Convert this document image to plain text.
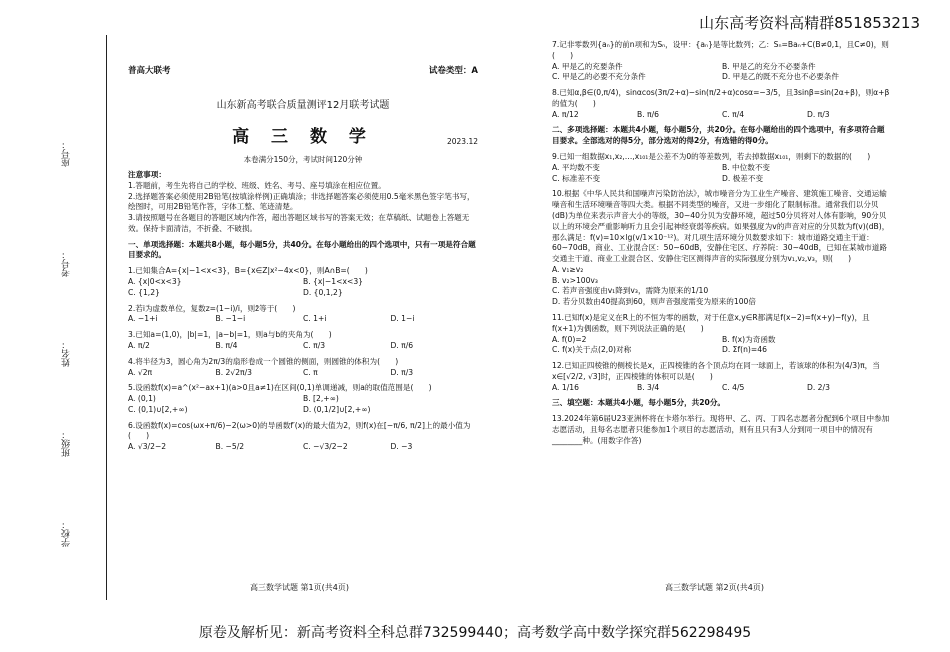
山东高考资料高精群851853213
学校：
班级：
姓名：
考号：
座号：
普高大联考	试卷类型：A
山东新高考联合质量测评12月联考试题
高 三 数 学	2023.12
本卷满分150分，考试时间120分钟
注意事项：
1.答题前，考生先将自己的学校、班级、姓名、考号、座号填涂在相应位置。
2.选择题答案必须使用2B铅笔(按填涂样例)正确填涂；非选择题答案必须使用0.5毫米黑色签字笔书写，绘图时，可用2B铅笔作答，字体工整、笔迹清楚。
3.请按照题号在各题目的答题区域内作答，超出答题区域书写的答案无效；在草稿纸、试题卷上答题无效。保持卡面清洁，不折叠、不破损。
一、单项选择题：本题共8小题，每小题5分，共40分。在每小题给出的四个选项中，只有一项是符合题目要求的。
1.已知集合A={x|−1<x<3}，B={x∈Z|x²−4x<0}，则A∩B=(　　)
A. {x|0<x<3}	B. {x|−1<x<3}
C. {1,2}	D. {0,1,2}
2.若i为虚数单位，复数z=(1−i)/i，则z̄等于(　　)
A. −1+i	B. −1−i	C. 1+i	D. 1−i
3.已知a=(1,0)，|b|=1，|a−b|=1，则a与b的夹角为(　　)
A. π/2	B. π/4	C. π/3	D. π/6
4.将半径为3，圆心角为2π/3的扇形卷成一个圆锥的侧面，则圆锥的体积为(　　)
A. √2π	B. 2√2π/3	C. π	D. π/3
5.设函数f(x)=a^(x²−ax+1)(a>0且a≠1)在区间(0,1)单调递减，则a的取值范围是(　　)
A. (0,1)	B. [2,+∞)
C. (0,1)∪[2,+∞)	D. (0,1/2]∪[2,+∞)
6.设函数f(x)=cos(ωx+π/6)−2(ω>0)的导函数f′(x)的最大值为2，则f(x)在[−π/6, π/2]上的最小值为(　　)
A. √3/2−2	B. −5/2	C. −√3/2−2	D. −3
高三数学试题 第1页(共4页)
7.记非零数列{aₙ}的前n项和为Sₙ，设甲：{aₙ}是等比数列；乙：Sₙ=Baₙ+C(B≠0,1，且C≠0)，则(　　)
A. 甲是乙的充要条件	B. 甲是乙的充分不必要条件
C. 甲是乙的必要不充分条件	D. 甲是乙的既不充分也不必要条件
8.已知α,β∈(0,π/4)，sinαcos(3π/2+α)−sin(π/2+α)cosα=−3/5，且3sinβ=sin(2α+β)，则α+β的值为(　　)
A. π/12	B. π/6	C. π/4	D. π/3
二、多项选择题：本题共4小题，每小题5分，共20分。在每小题给出的四个选项中，有多项符合题目要求。全部选对的得5分，部分选对的得2分，有选错的得0分。
9.已知一组数据x₁,x₂,…,x₁₀₁是公差不为0的等差数列，若去掉数据x₁₀₁，则剩下的数据的(　　)
A. 平均数不变	B. 中位数不变
C. 标准差不变	D. 极差不变
10.根据《中华人民共和国噪声污染防治法》，城市噪音分为工业生产噪音、建筑施工噪音、交通运输噪音和生活环境噪音等四大类。根据不同类型的噪音，又进一步细化了限制标准。通常我们以分贝(dB)为单位来表示声音大小的等级，30~40分贝为安静环境，超过50分贝将对人体有影响，90分贝以上的环境会严重影响听力且会引起神经衰弱等疾病。如果强度为v的声音对应的分贝数为f(v)(dB)，那么满足：f(v)=10×lg(v/1×10⁻¹²)。对几项生活环境分贝数要求如下：城市道路交通主干道：60~70dB，商业、工业混合区：50~60dB，安静住宅区、疗养院：30~40dB，已知在某城市道路交通主干道、商业工业混合区、安静住宅区测得声音的实际强度分别为v₁,v₂,v₃，则(　　)
A. v₁≥v₂
B. v₂>100v₃
C. 若声音强度由v₁降到v₃，需降为原来的1/10
D. 若分贝数由40提高到60，则声音强度需变为原来的100倍
11.已知f(x)是定义在R上的不恒为零的函数，对于任意x,y∈R都满足f(x−2)=f(x+y)−f(y)，且f(x+1)为偶函数，则下列说法正确的是(　　)
A. f(0)=2	B. f(x)为奇函数
C. f(x)关于点(2,0)对称	D. Σf(n)=46
12.已知正四棱锥的侧棱长是x，正四棱锥的各个顶点均在同一球面上，若该球的体积为(4/3)π，当x∈[√2/2, √3]时，正四棱锥的体积可以是(　　)
A. 1/16	B. 3/4	C. 4/5	D. 2/3
三、填空题：本题共4小题，每小题5分，共20分。
13.2024年第6届U23亚洲杯将在卡塔尔举行。现将甲、乙、丙、丁四名志愿者分配到6个项目中参加志愿活动，且每名志愿者只能参加1个项目的志愿活动，则有且只有3人分到同一项目中的情况有________种。(用数字作答)
高三数学试题 第2页(共4页)
原卷及解析见：新高考资料全科总群732599440；高考数学高中数学探究群562298495
